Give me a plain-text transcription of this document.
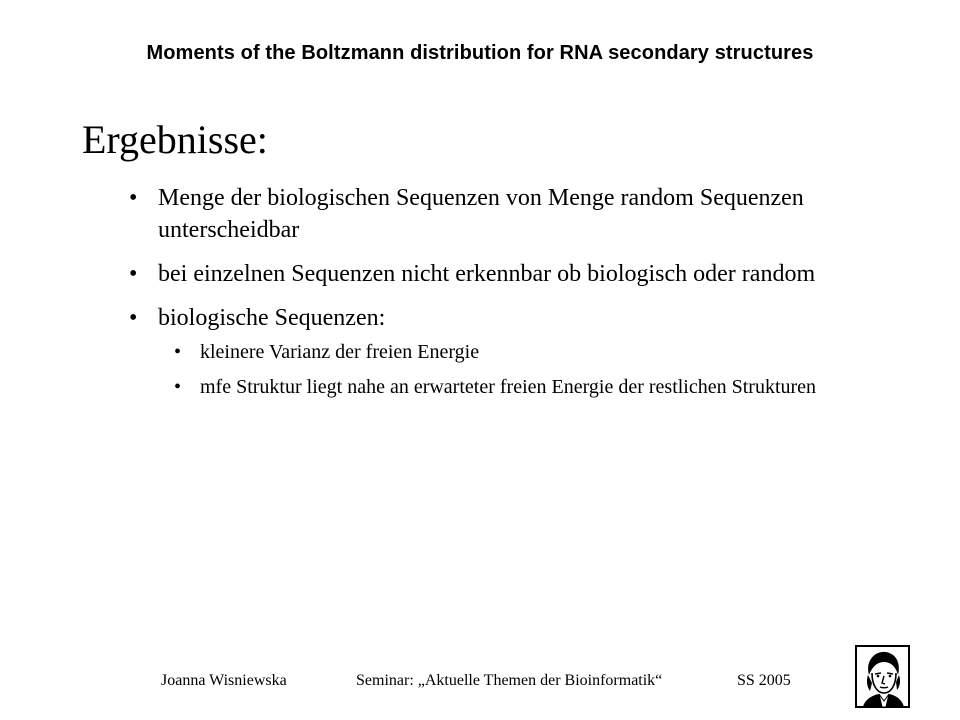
Moments of the Boltzmann distribution for RNA secondary structures
Ergebnisse:
• Menge der biologischen Sequenzen von Menge random Sequenzen unterscheidbar
• bei einzelnen Sequenzen nicht erkennbar ob biologisch oder random
• biologische Sequenzen:
• kleinere Varianz der freien Energie
• mfe Struktur liegt nahe an erwarteter freien Energie der restlichen Strukturen
Joanna Wisniewska	Seminar: „Aktuelle Themen der Bioinformatik“	SS 2005
